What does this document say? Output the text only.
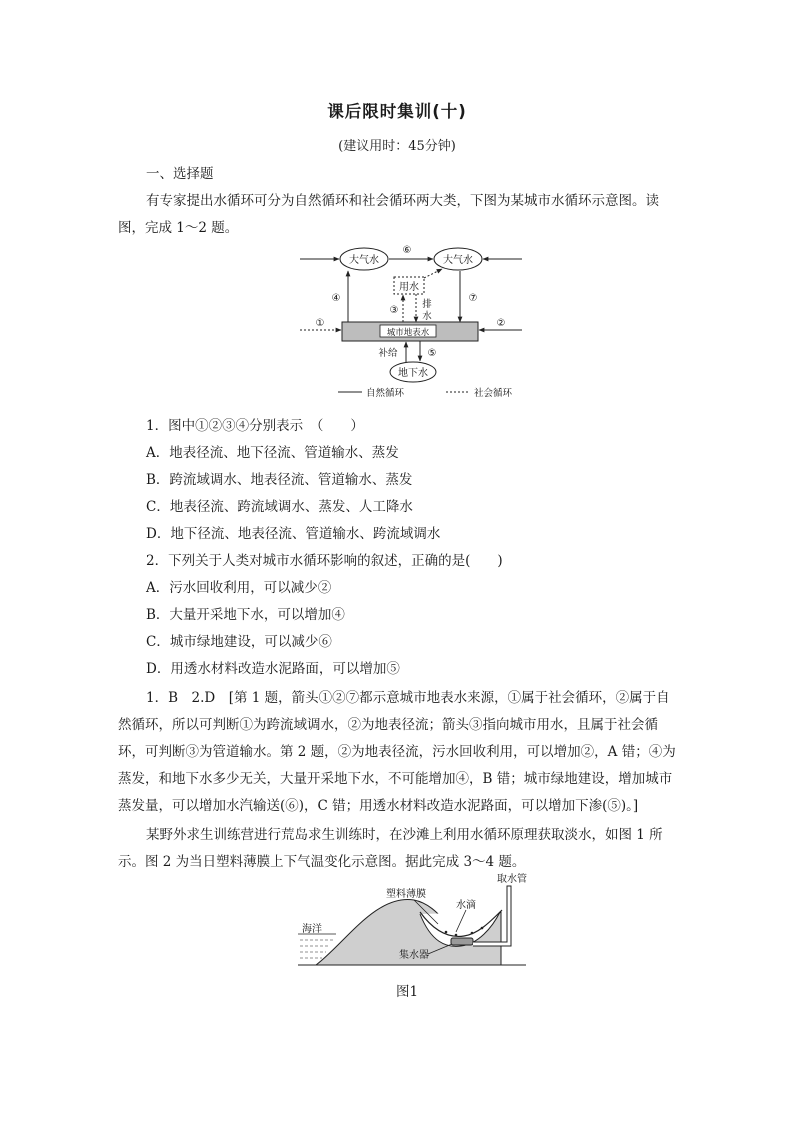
课后限时集训(十)
(建议用时：45分钟)
一、选择题
有专家提出水循环可分为自然循环和社会循环两大类，下图为某城市水循环示意图。读
图，完成 1～2 题。
大气水	大气水
⑥
城市地表水
④	⑦
用水
③
排
水
①	②
地下水
补给	⑤
自然循环	社会循环
1．图中①②③④分别表示　（　　）
A．地表径流、地下径流、管道输水、蒸发
B．跨流域调水、地表径流、管道输水、蒸发
C．地表径流、跨流域调水、蒸发、人工降水
D．地下径流、地表径流、管道输水、跨流域调水
2．下列关于人类对城市水循环影响的叙述，正确的是(　　)
A．污水回收利用，可以减少②
B．大量开采地下水，可以增加④
C．城市绿地建设，可以减少⑥
D．用透水材料改造水泥路面，可以增加⑤
1．B　2.D　[第 1 题，箭头①②⑦都示意城市地表水来源，①属于社会循环，②属于自
然循环，所以可判断①为跨流域调水，②为地表径流；箭头③指向城市用水，且属于社会循
环，可判断③为管道输水。第 2 题，②为地表径流，污水回收利用，可以增加②，A 错；④为
蒸发，和地下水多少无关，大量开采地下水，不可能增加④，B 错；城市绿地建设，增加城市
蒸发量，可以增加水汽输送(⑥)，C 错；用透水材料改造水泥路面，可以增加下渗(⑤)。]
某野外求生训练营进行荒岛求生训练时，在沙滩上利用水循环原理获取淡水，如图 1 所
示。图 2 为当日塑料薄膜上下气温变化示意图。据此完成 3～4 题。
海洋
塑料薄膜
水滴
取水管
集水器
图1
